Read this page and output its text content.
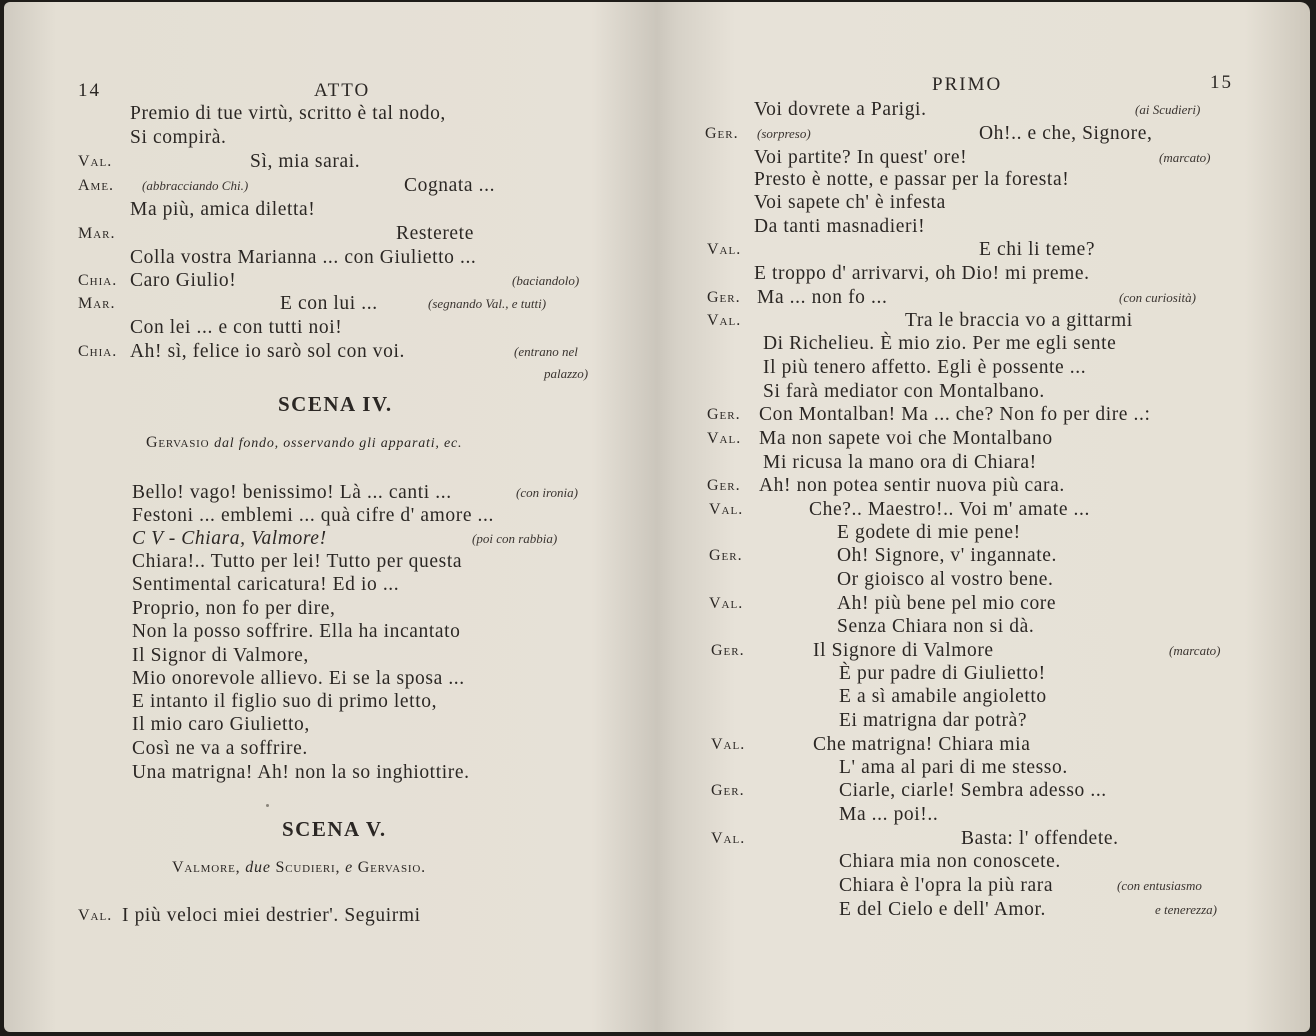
14	ATTO
Premio di tue virtù, scritto è tal nodo,
Si compirà.
Val.	Sì, mia sarai.
Ame. (abbracciando Chi.)	Cognata ...
Ma più, amica diletta!
Mar.	Resterete
Colla vostra Marianna ... con Giulietto ...
Chia. Caro Giulio!	(baciandolo)
Mar.	E con lui ...	(segnando Val., e tutti)
Con lei ... e con tutti noi!
Chia. Ah! sì, felice io sarò sol con voi.	(entrano nel
palazzo)
SCENA IV.
Gervasio dal fondo, osservando gli apparati, ec.
Bello! vago! benissimo! Là ... canti ...	(con ironia)
Festoni ... emblemi ... quà cifre d' amore ...
C V - Chiara, Valmore!	(poi con rabbia)
Chiara!.. Tutto per lei! Tutto per questa
Sentimental caricatura! Ed io ...
Proprio, non fo per dire,
Non la posso soffrire. Ella ha incantato
Il Signor di Valmore,
Mio onorevole allievo. Ei se la sposa ...
E intanto il figlio suo di primo letto,
Il mio caro Giulietto,
Così ne va a soffrire.
Una matrigna! Ah! non la so inghiottire.
SCENA V.
Valmore, due Scudieri, e Gervasio.
Val. I più veloci miei destrier'. Seguirmi
PRIMO	15
Voi dovrete a Parigi.	(ai Scudieri)
Ger. (sorpreso)	Oh!.. e che, Signore,
Voi partite? In quest' ore!	(marcato)
Presto è notte, e passar per la foresta!
Voi sapete ch' è infesta
Da tanti masnadieri!
Val.	E chi li teme?
E troppo d' arrivarvi, oh Dio! mi preme.
Ger. Ma ... non fo ...	(con curiosità)
Val.	Tra le braccia vo a gittarmi
Di Richelieu. È mio zio. Per me egli sente
Il più tenero affetto. Egli è possente ...
Si farà mediator con Montalbano.
Ger. Con Montalban! Ma ... che? Non fo per dire ..:
Val. Ma non sapete voi che Montalbano
Mi ricusa la mano ora di Chiara!
Ger. Ah! non potea sentir nuova più cara.
Val.	Che?.. Maestro!.. Voi m' amate ...
E godete di mie pene!
Ger.	Oh! Signore, v' ingannate.
Or gioisco al vostro bene.
Val.	Ah! più bene pel mio core
Senza Chiara non si dà.
Ger.	Il Signore di Valmore	(marcato)
È pur padre di Giulietto!
E a sì amabile angioletto
Ei matrigna dar potrà?
Val.	Che matrigna! Chiara mia
L' ama al pari di me stesso.
Ger.	Ciarle, ciarle! Sembra adesso ...
Ma ... poi!..
Val.	Basta: l' offendete.
Chiara mia non conoscete.
Chiara è l'opra la più rara	(con entusiasmo
E del Cielo e dell' Amor.	e tenerezza)
